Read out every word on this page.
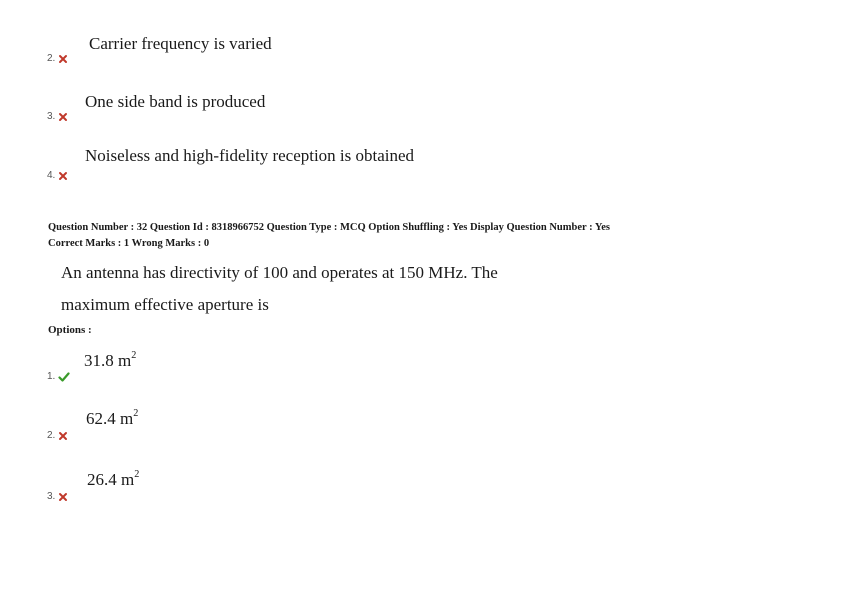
Carrier frequency is varied
2.
One side band is produced
3.
Noiseless and high-fidelity reception is obtained
4.
Question Number : 32 Question Id : 8318966752 Question Type : MCQ Option Shuffling : Yes Display Question Number : Yes
Correct Marks : 1 Wrong Marks : 0
An antenna has directivity of 100 and operates at 150 MHz. The
maximum effective aperture is
Options :
31.8 $m^2$
1.
62.4 $m^2$
2.
26.4 $m^2$
3.
